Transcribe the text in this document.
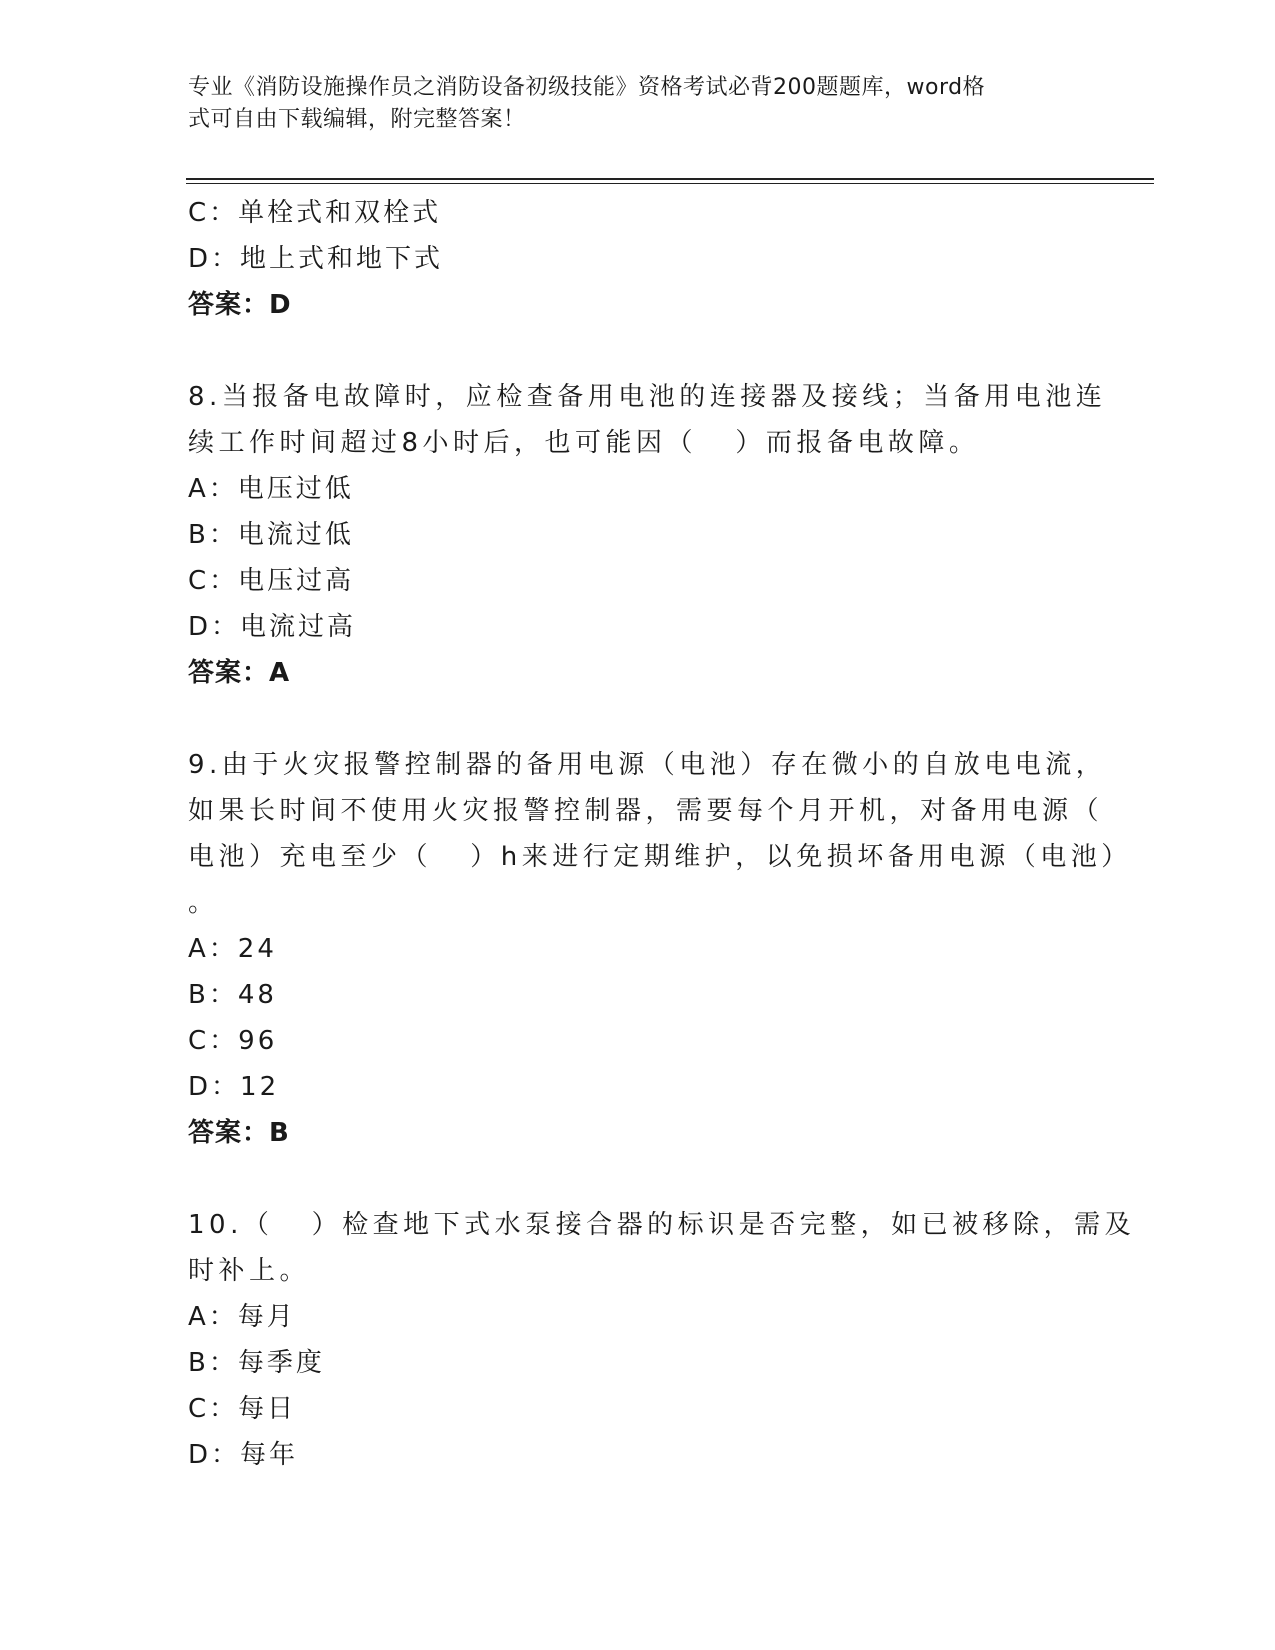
专业《消防设施操作员之消防设备初级技能》资格考试必背200题题库，word格
式可自由下载编辑，附完整答案！
C：单栓式和双栓式
D：地上式和地下式
答案：D
8.当报备电故障时，应检查备用电池的连接器及接线；当备用电池连
续工作时间超过8小时后，也可能因（   ）而报备电故障。
A：电压过低
B：电流过低
C：电压过高
D：电流过高
答案：A
9.由于火灾报警控制器的备用电源（电池）存在微小的自放电电流，
如果长时间不使用火灾报警控制器，需要每个月开机，对备用电源（
电池）充电至少（   ）h来进行定期维护，以免损坏备用电源（电池）
。
A：24
B：48
C：96
D：12
答案：B
10.（   ）检查地下式水泵接合器的标识是否完整，如已被移除，需及
时补上。
A：每月
B：每季度
C：每日
D：每年
